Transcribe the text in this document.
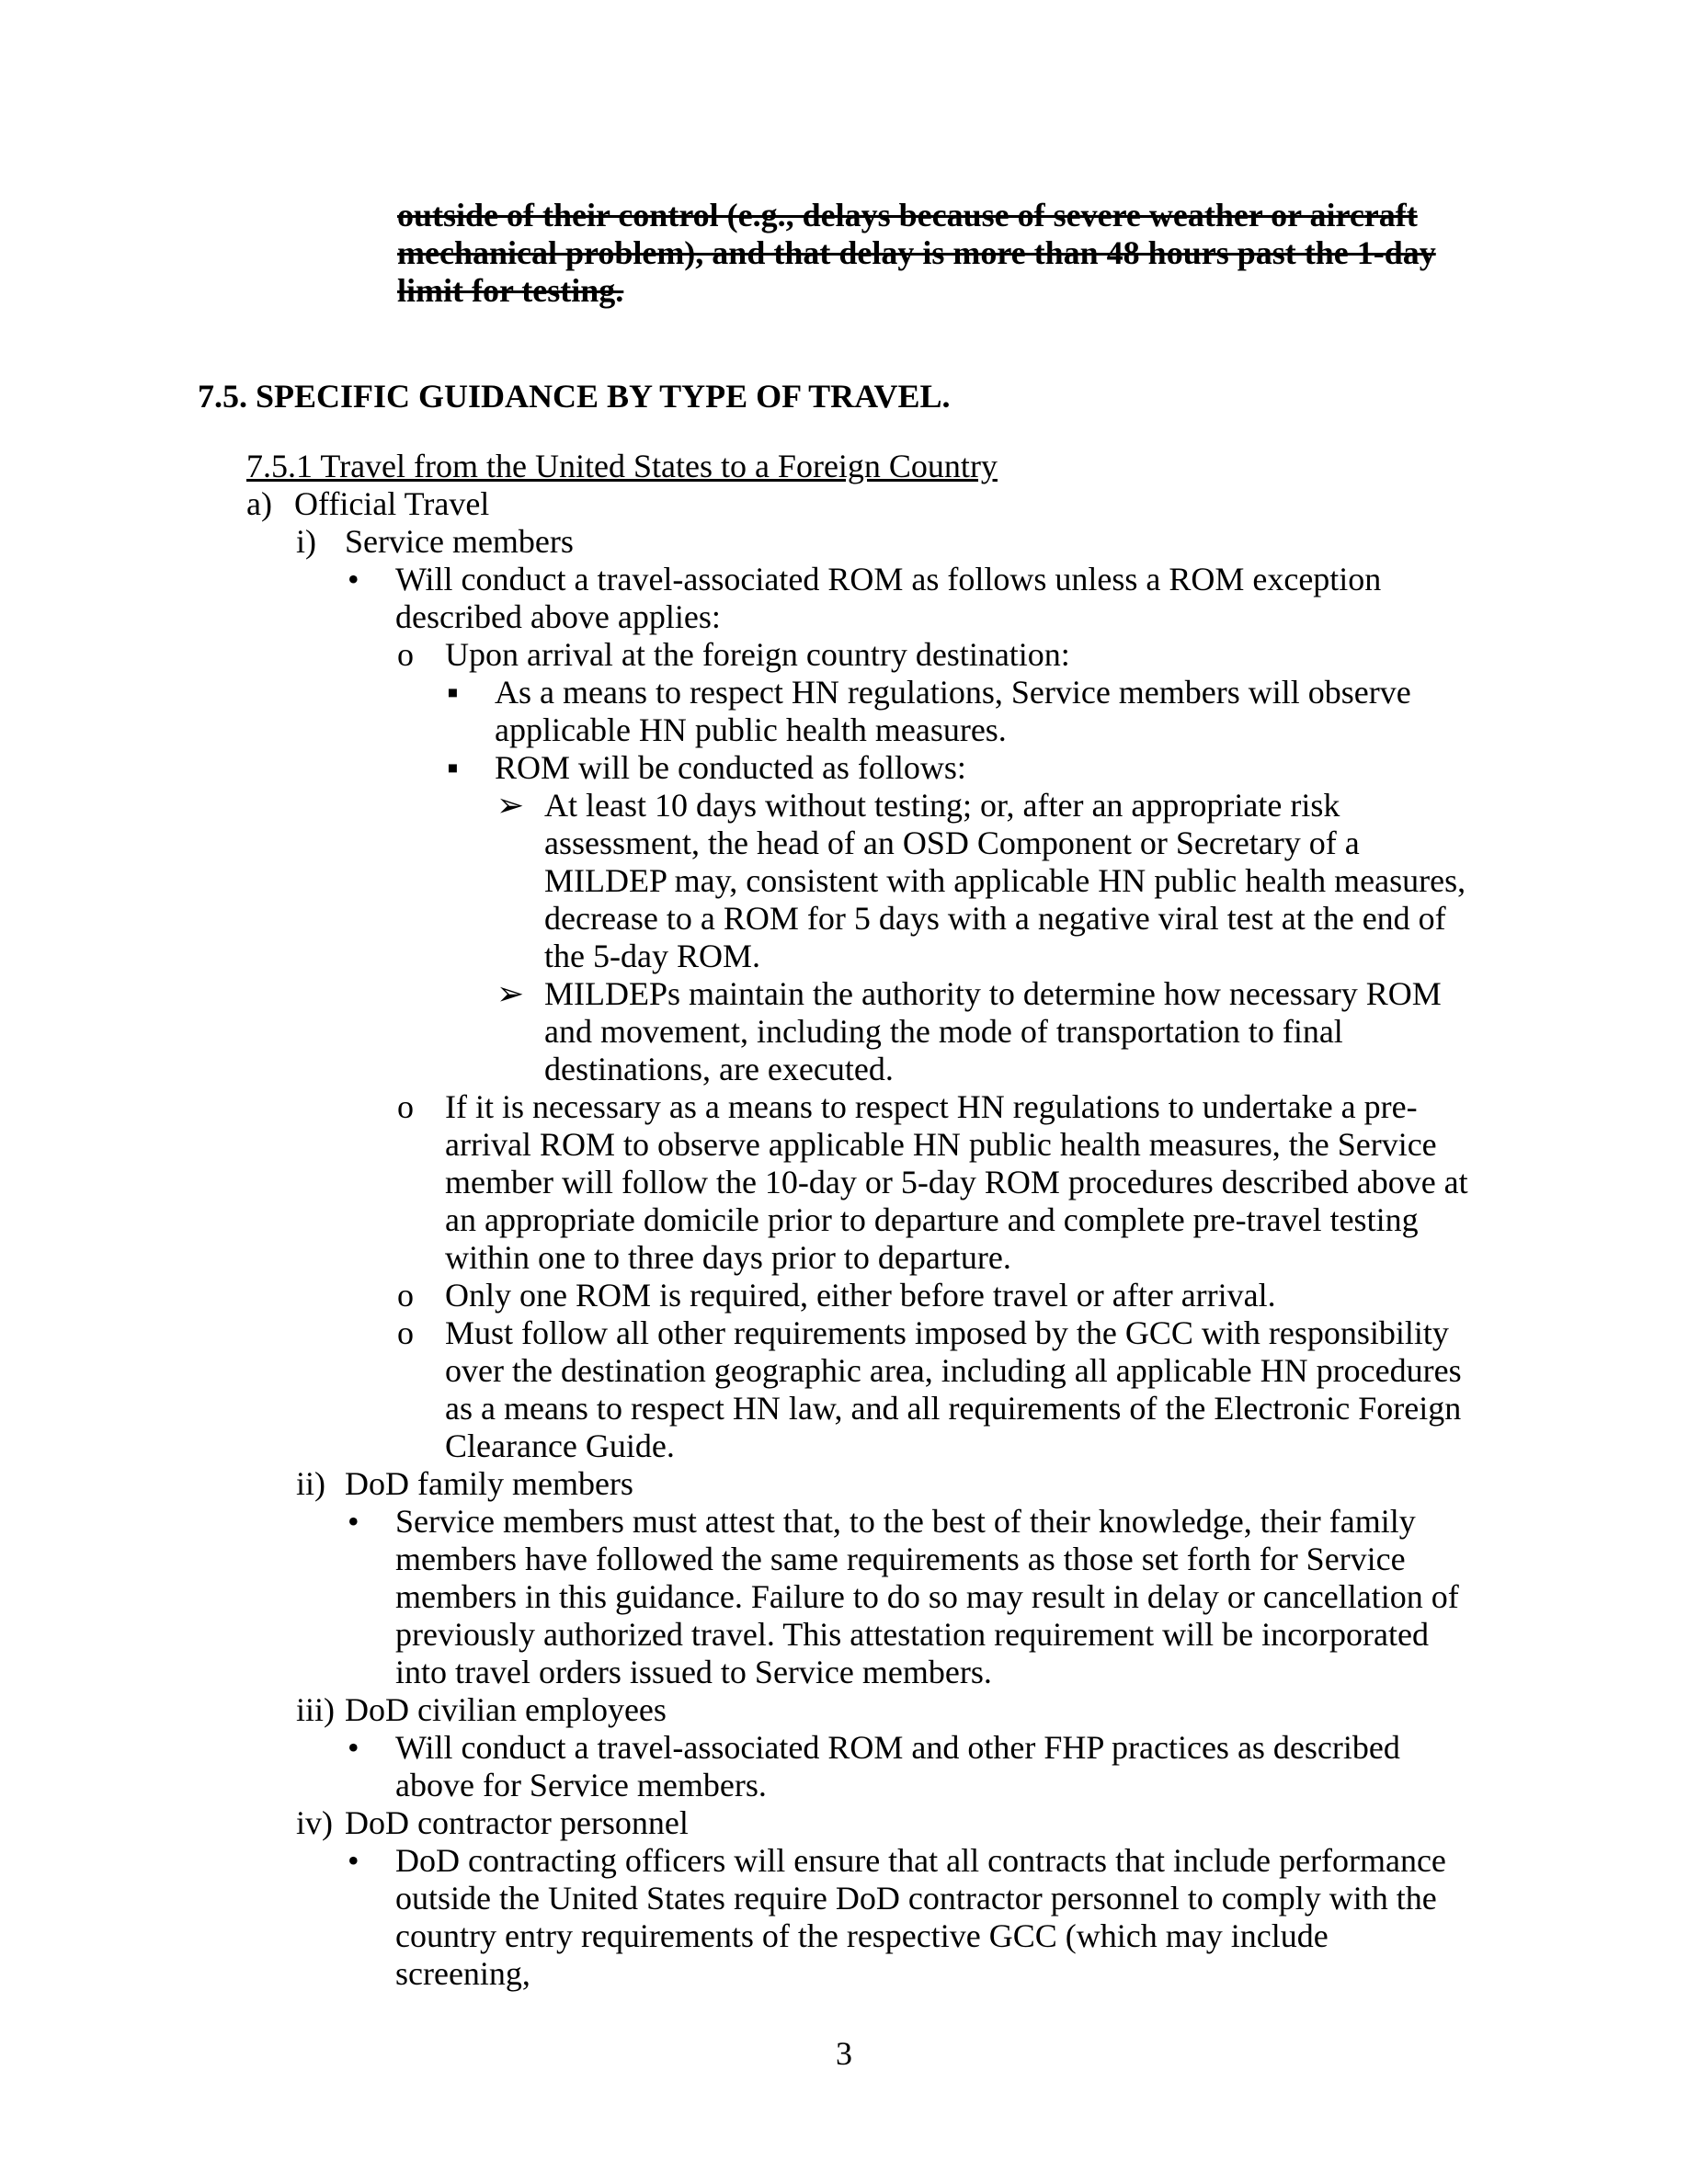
outside of their control (e.g., delays because of severe weather or aircraft mechanical problem), and that delay is more than 48 hours past the 1-day limit for testing.
7.5. SPECIFIC GUIDANCE BY TYPE OF TRAVEL.
7.5.1 Travel from the United States to a Foreign Country
a) Official Travel
i) Service members
• Will conduct a travel-associated ROM as follows unless a ROM exception described above applies:
o Upon arrival at the foreign country destination:
▪ As a means to respect HN regulations, Service members will observe applicable HN public health measures.
▪ ROM will be conducted as follows:
➢ At least 10 days without testing; or, after an appropriate risk assessment, the head of an OSD Component or Secretary of a MILDEP may, consistent with applicable HN public health measures, decrease to a ROM for 5 days with a negative viral test at the end of the 5-day ROM.
➢ MILDEPs maintain the authority to determine how necessary ROM and movement, including the mode of transportation to final destinations, are executed.
o If it is necessary as a means to respect HN regulations to undertake a pre-arrival ROM to observe applicable HN public health measures, the Service member will follow the 10-day or 5-day ROM procedures described above at an appropriate domicile prior to departure and complete pre-travel testing within one to three days prior to departure.
o Only one ROM is required, either before travel or after arrival.
o Must follow all other requirements imposed by the GCC with responsibility over the destination geographic area, including all applicable HN procedures as a means to respect HN law, and all requirements of the Electronic Foreign Clearance Guide.
ii) DoD family members
• Service members must attest that, to the best of their knowledge, their family members have followed the same requirements as those set forth for Service members in this guidance. Failure to do so may result in delay or cancellation of previously authorized travel. This attestation requirement will be incorporated into travel orders issued to Service members.
iii) DoD civilian employees
• Will conduct a travel-associated ROM and other FHP practices as described above for Service members.
iv) DoD contractor personnel
• DoD contracting officers will ensure that all contracts that include performance outside the United States require DoD contractor personnel to comply with the country entry requirements of the respective GCC (which may include screening,
3
